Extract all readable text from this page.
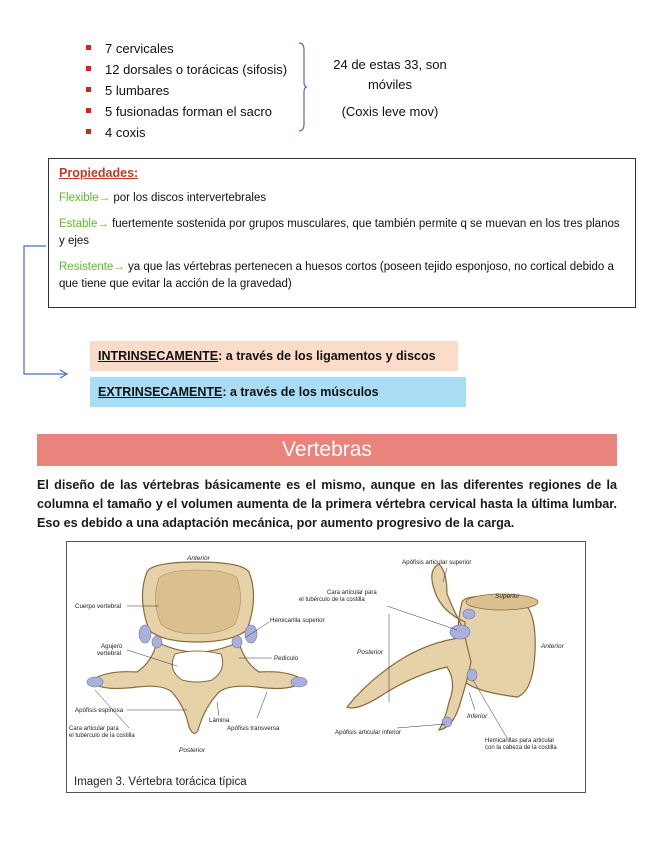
7 cervicales
12 dorsales o torácicas (sifosis)
5 lumbares
5 fusionadas forman el sacro
4 coxis
24 de estas 33, son móviles
(Coxis leve mov)
Propiedades:

Flexible→ por los discos intervertebrales

Estable→ fuertemente sostenida por grupos musculares, que también permite q se muevan en los tres planos y ejes

Resistente→ ya que las vértebras pertenecen a huesos cortos (poseen tejido esponjoso, no cortical debido a que tiene que evitar la acción de la gravedad)

INTRINSECAMENTE: a través de los ligamentos y discos
EXTRINSECAMENTE: a través de los músculos
Vertebras
El diseño de las vértebras básicamente es el mismo, aunque en las diferentes regiones de la columna el tamaño y el volumen aumenta de la primera vértebra cervical hasta la última lumbar. Eso es debido a una adaptación mecánica, por aumento progresivo de la carga.
Anterior
Cuerpo vertebral
Agujero vertebral
Hemicarilla superior
Pedículo
Apófisis espinosa
Lámina
Cara articular para el tubérculo de la costilla
Apófisis transversa
Posterior
Apófisis articular superior
Cara articular para el tubérculo de la costilla	Superior
Posterior
Anterior
Inferior
Apófisis articular inferior
Hemicarillas para articular con la cabeza de la costilla
Imagen 3. Vértebra torácica típica
